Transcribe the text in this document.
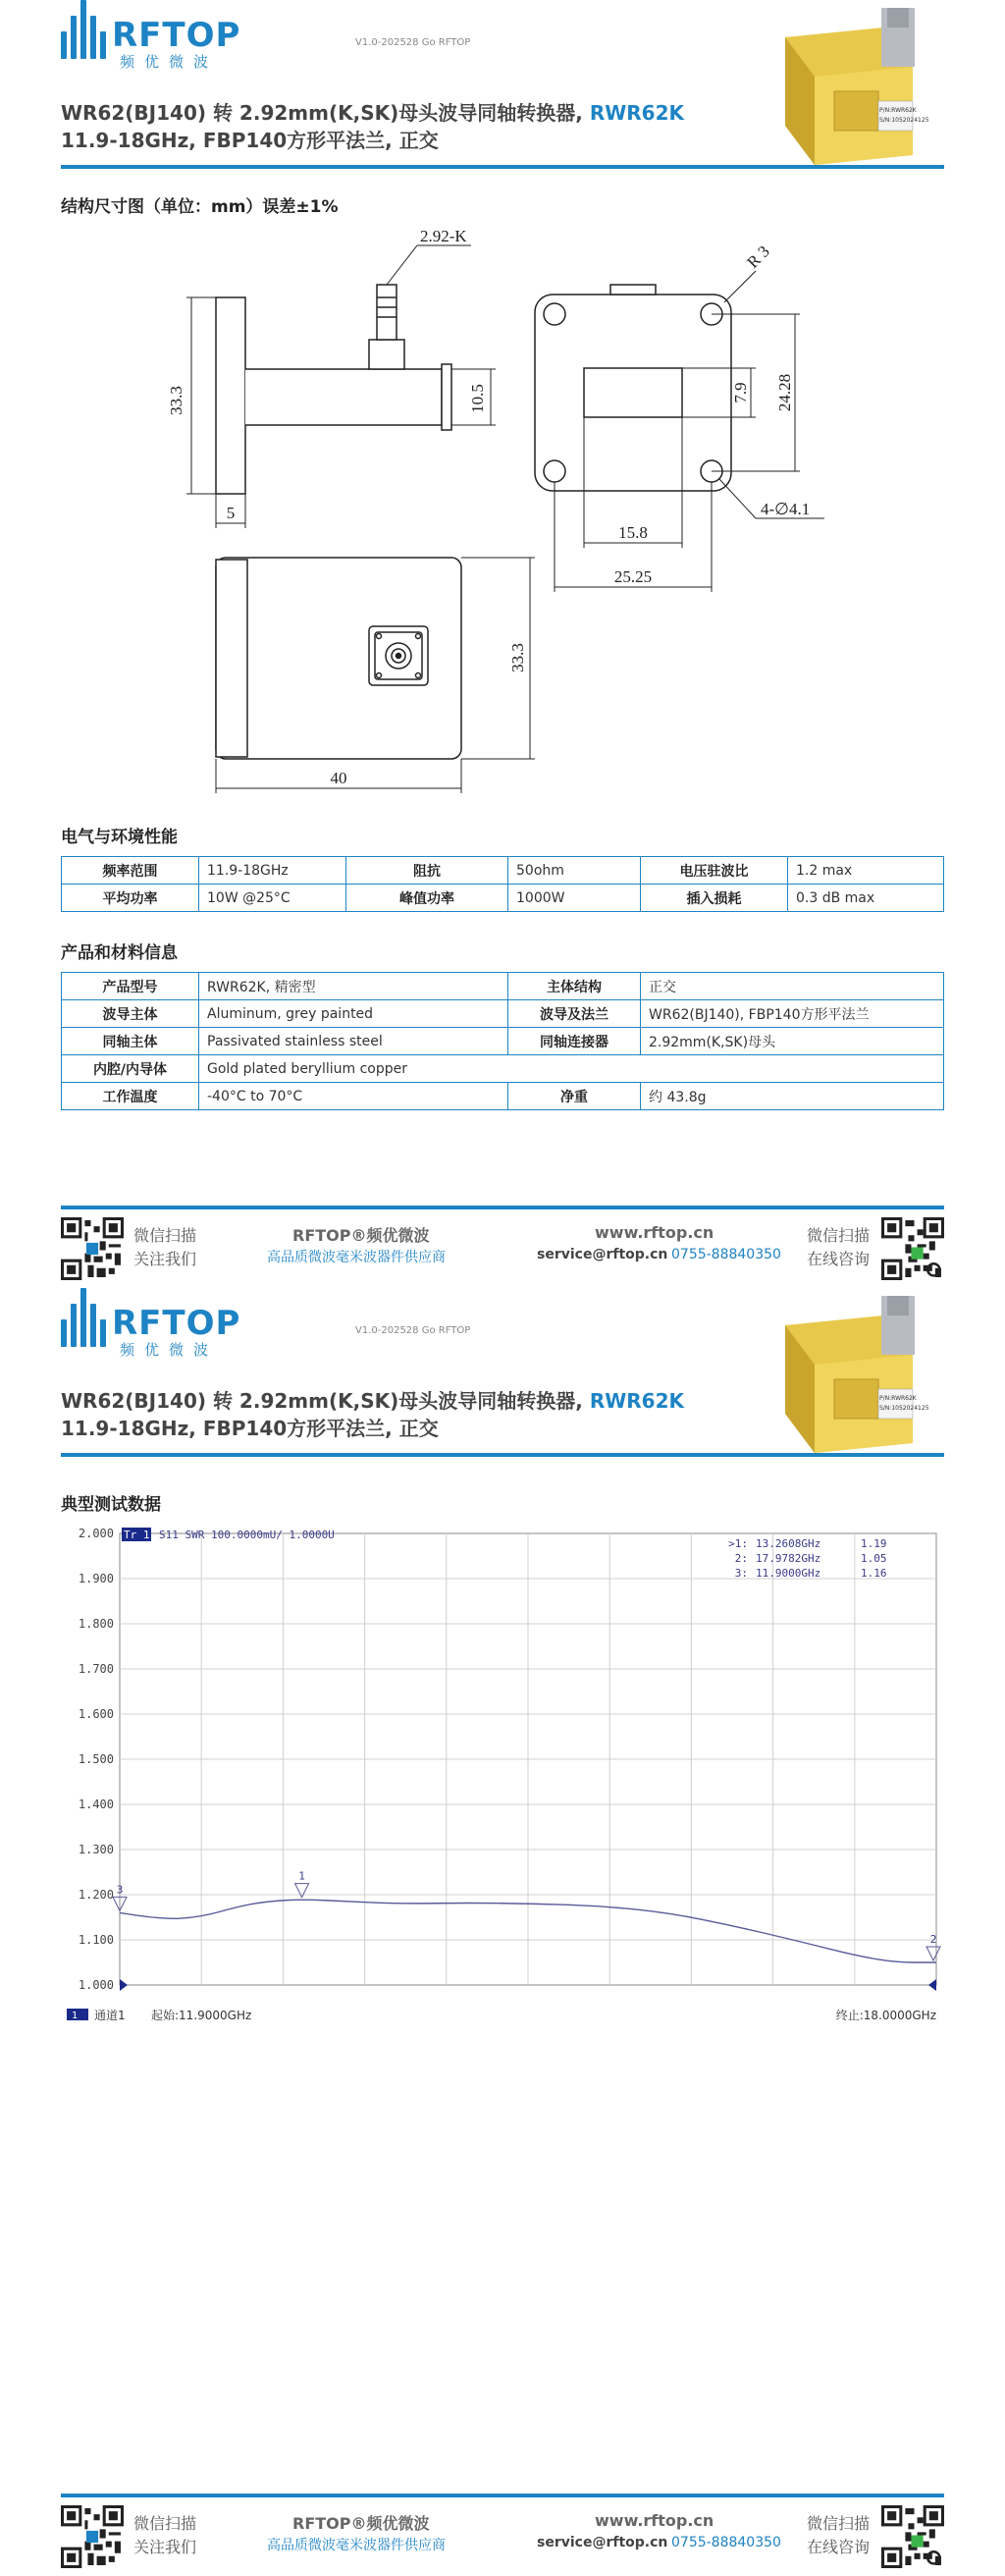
RFTOP
频优微波
V1.0-202528 Go RFTOP
WR62(BJ140) 转 2.92mm(K,SK)母头波导同轴转换器, RWR62K
11.9-18GHz, FBP140方形平法兰, 正交
P/N:RWR62K
S/N:1052024125
结构尺寸图（单位：mm）误差±1%
33.3	10.5
5
2.92-K
R 3
7.9 24.28
4-∅4.1
15.8
25.25
33.3
40
电气与环境性能
频率范围	11.9-18GHz	阻抗	50ohm	电压驻波比	1.2 max
平均功率	10W @25°C	峰值功率	1000W	插入损耗	0.3 dB max
产品和材料信息
产品型号	RWR62K, 精密型	主体结构	正交
波导主体	Aluminum, grey painted	波导及法兰	WR62(BJ140), FBP140方形平法兰
同轴主体	Passivated stainless steel	同轴连接器	2.92mm(K,SK)母头
内腔/内导体	Gold plated beryllium copper		
工作温度	-40°C to 70°C	净重	约 43.8g
微信扫描
关注我们
RFTOP®频优微波
高品质微波毫米波器件供应商
www.rftop.cn
service@rftop.cn 0755-88840350
微信扫描
在线咨询
RFTOP
频优微波
V1.0-202528 Go RFTOP
WR62(BJ140) 转 2.92mm(K,SK)母头波导同轴转换器, RWR62K
11.9-18GHz, FBP140方形平法兰, 正交
P/N:RWR62K
S/N:1052024125
典型测试数据
2.000
1.900
1.800
1.700
1.600
1.500
1.400
1.300
1.200
1.100
1.000
Tr 1 S11 SWR 100.0000mU/ 1.0000U
1
2
3
>1: 13.2608GHz	1.19
2: 17.9782GHz	1.05
3: 11.9000GHz	1.16
1 通道1 起始:11.9000GHz	终止:18.0000GHz
微信扫描
关注我们
RFTOP®频优微波
高品质微波毫米波器件供应商
www.rftop.cn
service@rftop.cn 0755-88840350
微信扫描
在线咨询
